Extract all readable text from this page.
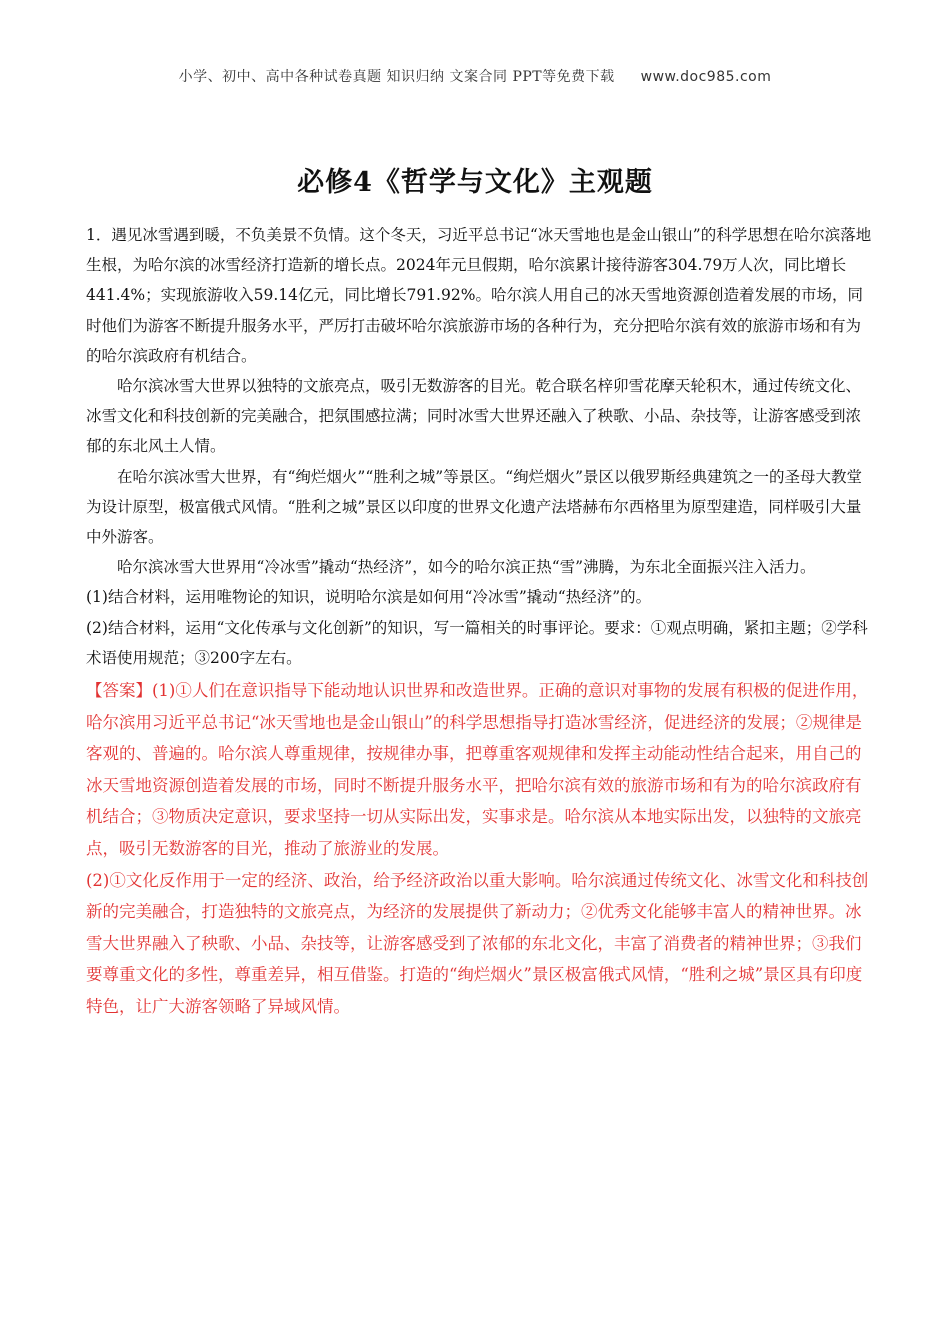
小学、初中、高中各种试卷真题 知识归纳 文案合同 PPT等免费下载 www.doc985.com
必修4《哲学与文化》主观题

1．遇见冰雪遇到暖，不负美景不负情。这个冬天，习近平总书记“冰天雪地也是金山银山”的科学思想在哈尔滨落地生根，为哈尔滨的冰雪经济打造新的增长点。2024年元旦假期，哈尔滨累计接待游客304.79万人次，同比增长441.4%；实现旅游收入59.14亿元，同比增长791.92%。哈尔滨人用自己的冰天雪地资源创造着发展的市场，同时他们为游客不断提升服务水平，严厉打击破坏哈尔滨旅游市场的各种行为，充分把哈尔滨有效的旅游市场和有为的哈尔滨政府有机结合。

哈尔滨冰雪大世界以独特的文旅亮点，吸引无数游客的目光。乾合联名梓卯雪花摩天轮积木，通过传统文化、冰雪文化和科技创新的完美融合，把氛围感拉满；同时冰雪大世界还融入了秧歌、小品、杂技等，让游客感受到浓郁的东北风土人情。

在哈尔滨冰雪大世界，有“绚烂烟火”“胜利之城”等景区。“绚烂烟火”景区以俄罗斯经典建筑之一的圣母大教堂为设计原型，极富俄式风情。“胜利之城”景区以印度的世界文化遗产法塔赫布尔西格里为原型建造，同样吸引大量中外游客。

哈尔滨冰雪大世界用“冷冰雪”撬动“热经济”，如今的哈尔滨正热“雪”沸腾，为东北全面振兴注入活力。

(1)结合材料，运用唯物论的知识，说明哈尔滨是如何用“冷冰雪”撬动“热经济”的。

(2)结合材料，运用“文化传承与文化创新”的知识，写一篇相关的时事评论。要求：①观点明确，紧扣主题；②学科术语使用规范；③200字左右。

【答案】(1)①人们在意识指导下能动地认识世界和改造世界。正确的意识对事物的发展有积极的促进作用，哈尔滨用习近平总书记“冰天雪地也是金山银山”的科学思想指导打造冰雪经济，促进经济的发展；②规律是客观的、普遍的。哈尔滨人尊重规律，按规律办事，把尊重客观规律和发挥主动能动性结合起来，用自己的冰天雪地资源创造着发展的市场，同时不断提升服务水平，把哈尔滨有效的旅游市场和有为的哈尔滨政府有机结合；③物质决定意识，要求坚持一切从实际出发，实事求是。哈尔滨从本地实际出发，以独特的文旅亮点，吸引无数游客的目光，推动了旅游业的发展。

(2)①文化反作用于一定的经济、政治，给予经济政治以重大影响。哈尔滨通过传统文化、冰雪文化和科技创新的完美融合，打造独特的文旅亮点，为经济的发展提供了新动力；②优秀文化能够丰富人的精神世界。冰雪大世界融入了秧歌、小品、杂技等，让游客感受到了浓郁的东北文化，丰富了消费者的精神世界；③我们要尊重文化的多性，尊重差异，相互借鉴。打造的“绚烂烟火”景区极富俄式风情，“胜利之城”景区具有印度特色，让广大游客领略了异域风情。
